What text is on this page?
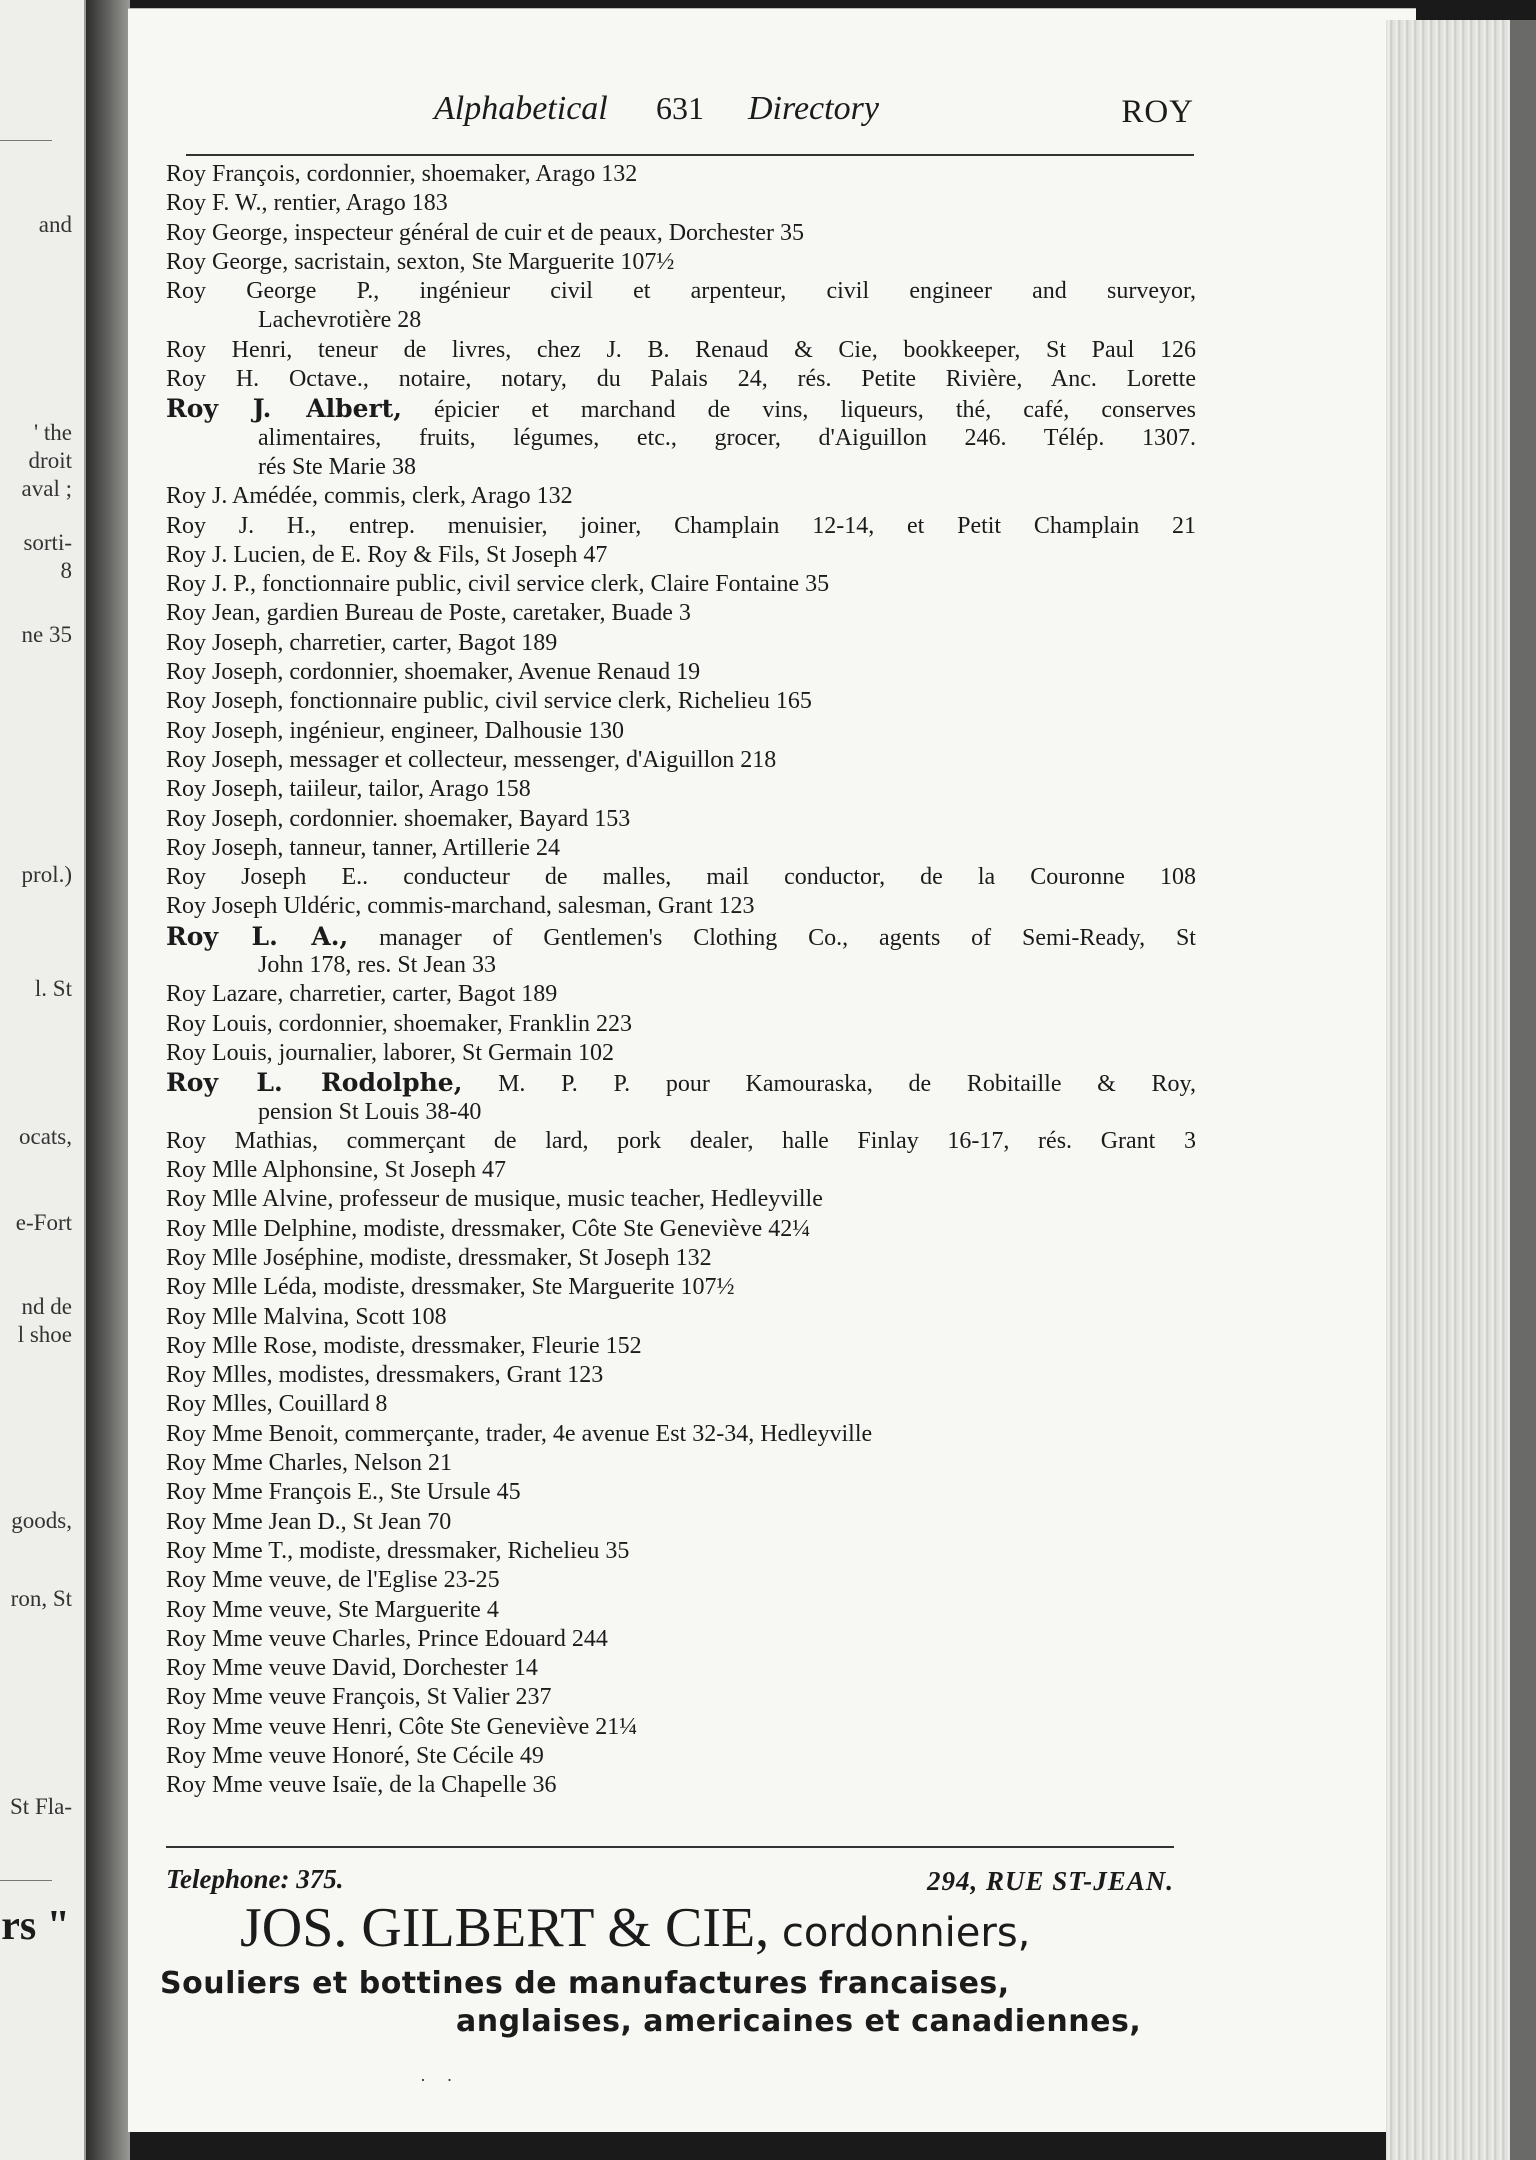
and
' the
droit
aval ;
sorti-
8
ne 35
prol.)
l. St
ocats,
e-Fort
nd de
l shoe
goods,
ron, St
St Fla-
rs "
Alphabetical 631 Directory	ROY
Roy François, cordonnier, shoemaker, Arago 132
Roy F. W., rentier, Arago 183
Roy George, inspecteur général de cuir et de peaux, Dorchester 35
Roy George, sacristain, sexton, Ste Marguerite 107½
Roy George P., ingénieur civil et arpenteur, civil engineer and surveyor,
Lachevrotière 28
Roy Henri, teneur de livres, chez J. B. Renaud & Cie, bookkeeper, St Paul 126
Roy H. Octave., notaire, notary, du Palais 24, rés. Petite Rivière, Anc. Lorette
Roy J. Albert, épicier et marchand de vins, liqueurs, thé, café, conserves
alimentaires, fruits, légumes, etc., grocer, d'Aiguillon 246. Télép. 1307.
rés Ste Marie 38
Roy J. Amédée, commis, clerk, Arago 132
Roy J. H., entrep. menuisier, joiner, Champlain 12-14, et Petit Champlain 21
Roy J. Lucien, de E. Roy & Fils, St Joseph 47
Roy J. P., fonctionnaire public, civil service clerk, Claire Fontaine 35
Roy Jean, gardien Bureau de Poste, caretaker, Buade 3
Roy Joseph, charretier, carter, Bagot 189
Roy Joseph, cordonnier, shoemaker, Avenue Renaud 19
Roy Joseph, fonctionnaire public, civil service clerk, Richelieu 165
Roy Joseph, ingénieur, engineer, Dalhousie 130
Roy Joseph, messager et collecteur, messenger, d'Aiguillon 218
Roy Joseph, taiileur, tailor, Arago 158
Roy Joseph, cordonnier. shoemaker, Bayard 153
Roy Joseph, tanneur, tanner, Artillerie 24
Roy Joseph E.. conducteur de malles, mail conductor, de la Couronne 108
Roy Joseph Uldéric, commis-marchand, salesman, Grant 123
Roy L. A., manager of Gentlemen's Clothing Co., agents of Semi-Ready, St
John 178, res. St Jean 33
Roy Lazare, charretier, carter, Bagot 189
Roy Louis, cordonnier, shoemaker, Franklin 223
Roy Louis, journalier, laborer, St Germain 102
Roy L. Rodolphe, M. P. P. pour Kamouraska, de Robitaille & Roy,
pension St Louis 38-40
Roy Mathias, commerçant de lard, pork dealer, halle Finlay 16-17, rés. Grant 3
Roy Mlle Alphonsine, St Joseph 47
Roy Mlle Alvine, professeur de musique, music teacher, Hedleyville
Roy Mlle Delphine, modiste, dressmaker, Côte Ste Geneviève 42¼
Roy Mlle Joséphine, modiste, dressmaker, St Joseph 132
Roy Mlle Léda, modiste, dressmaker, Ste Marguerite 107½
Roy Mlle Malvina, Scott 108
Roy Mlle Rose, modiste, dressmaker, Fleurie 152
Roy Mlles, modistes, dressmakers, Grant 123
Roy Mlles, Couillard 8
Roy Mme Benoit, commerçante, trader, 4e avenue Est 32-34, Hedleyville
Roy Mme Charles, Nelson 21
Roy Mme François E., Ste Ursule 45
Roy Mme Jean D., St Jean 70
Roy Mme T., modiste, dressmaker, Richelieu 35
Roy Mme veuve, de l'Eglise 23-25
Roy Mme veuve, Ste Marguerite 4
Roy Mme veuve Charles, Prince Edouard 244
Roy Mme veuve David, Dorchester 14
Roy Mme veuve François, St Valier 237
Roy Mme veuve Henri, Côte Ste Geneviève 21¼
Roy Mme veuve Honoré, Ste Cécile 49
Roy Mme veuve Isaïe, de la Chapelle 36
Telephone: 375.	294, RUE ST-JEAN.
JOS. GILBERT & CIE, cordonniers,
Souliers et bottines de manufactures francaises,
anglaises, americaines et canadiennes,
· ·
